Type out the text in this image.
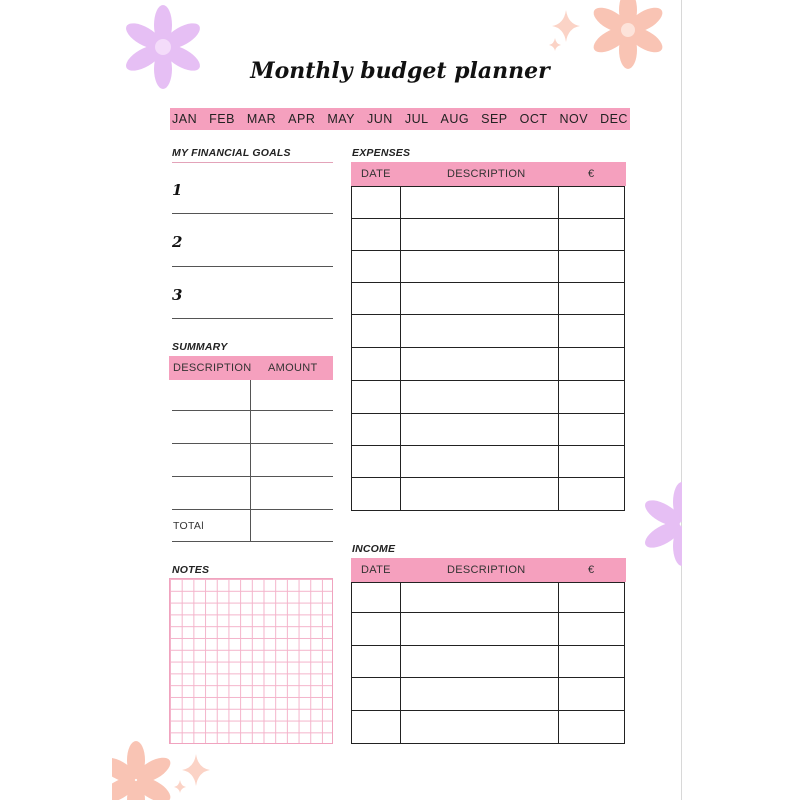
Monthly budget planner
JAN FEB MAR APR MAY JUN JUL AUG SEP OCT NOV DEC
MY FINANCIAL GOALS
1
2
3
SUMMARY
DESCRIPTION AMOUNT
TOTAl
NOTES
EXPENSES
DATE	DESCRIPTION	€
INCOME
DATE	DESCRIPTION	€
